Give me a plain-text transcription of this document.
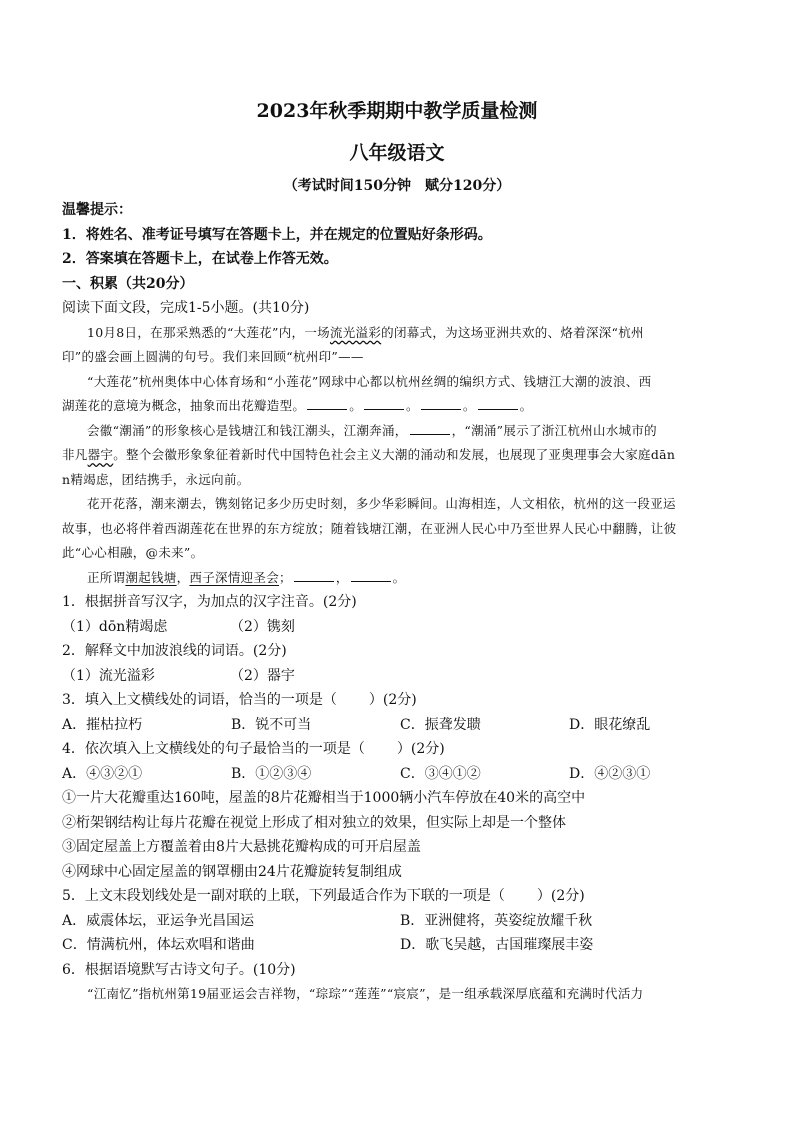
2023年秋季期期中教学质量检测
八年级语文
（考试时间150分钟　赋分120分）
温馨提示：
1．将姓名、准考证号填写在答题卡上，并在规定的位置贴好条形码。
2．答案填在答题卡上，在试卷上作答无效。
一、积累（共20分）
阅读下面文段，完成1-5小题。(共10分)
10月8日，在那采熟悉的“大莲花”内，一场流光溢彩的闭幕式，为这场亚洲共欢的、烙着深深“杭州
印”的盛会画上圆满的句号。我们来回顾“杭州印”——
“大莲花”杭州奥体中心体育场和“小莲花”网球中心都以杭州丝绸的编织方式、钱塘江大潮的波浪、西
湖莲花的意境为概念，抽象而出花瓣造型。	。	。	。	。
会徽“潮涌”的形象核心是钱塘江和钱江潮头，江潮奔涌，	，“潮涌”展示了浙江杭州山水城市的
非凡器宇。整个会徽形象象征着新时代中国特色社会主义大潮的涌动和发展，也展现了亚奥理事会大家庭dān
n精竭虑，团结携手，永远向前。
花开花落，潮来潮去，镌刻铭记多少历史时刻，多少华彩瞬间。山海相连，人文相依，杭州的这一段亚运
故事，也必将伴着西湖莲花在世界的东方绽放；随着钱塘江潮，在亚洲人民心中乃至世界人民心中翻腾，让彼
此“心心相融，@未来”。
正所谓潮起钱塘，西子深情迎圣会；	，	。
1．根据拼音写汉字，为加点的汉字注音。(2分)
（1）dōn精竭虑	（2）镌刻
2．解释文中加波浪线的词语。(2分)
（1）流光溢彩	（2）器宇
3．填入上文横线处的词语，恰当的一项是（ ）(2分)
A．摧枯拉朽	B．锐不可当	C．振聋发聩	D．眼花缭乱
4．依次填入上文横线处的句子最恰当的一项是（ ）(2分)
A．④③②①	B．①②③④	C．③④①②	D．④②③①
①一片大花瓣重达160吨，屋盖的8片花瓣相当于1000辆小汽车停放在40米的高空中
②桁架钢结构让每片花瓣在视觉上形成了相对独立的效果，但实际上却是一个整体
③固定屋盖上方覆盖着由8片大悬挑花瓣构成的可开启屋盖
④网球中心固定屋盖的钢罩棚由24片花瓣旋转复制组成
5．上文末段划线处是一副对联的上联，下列最适合作为下联的一项是（ ）(2分)
A．威震体坛，亚运争光昌国运	B．亚洲健将，英姿绽放耀千秋
C．情满杭州，体坛欢唱和谐曲	D．歌飞吴越，古国璀璨展丰姿
6．根据语境默写古诗文句子。(10分)
“江南忆”指杭州第19届亚运会吉祥物，“琮琮”“莲莲”“宸宸”，是一组承载深厚底蕴和充满时代活力
